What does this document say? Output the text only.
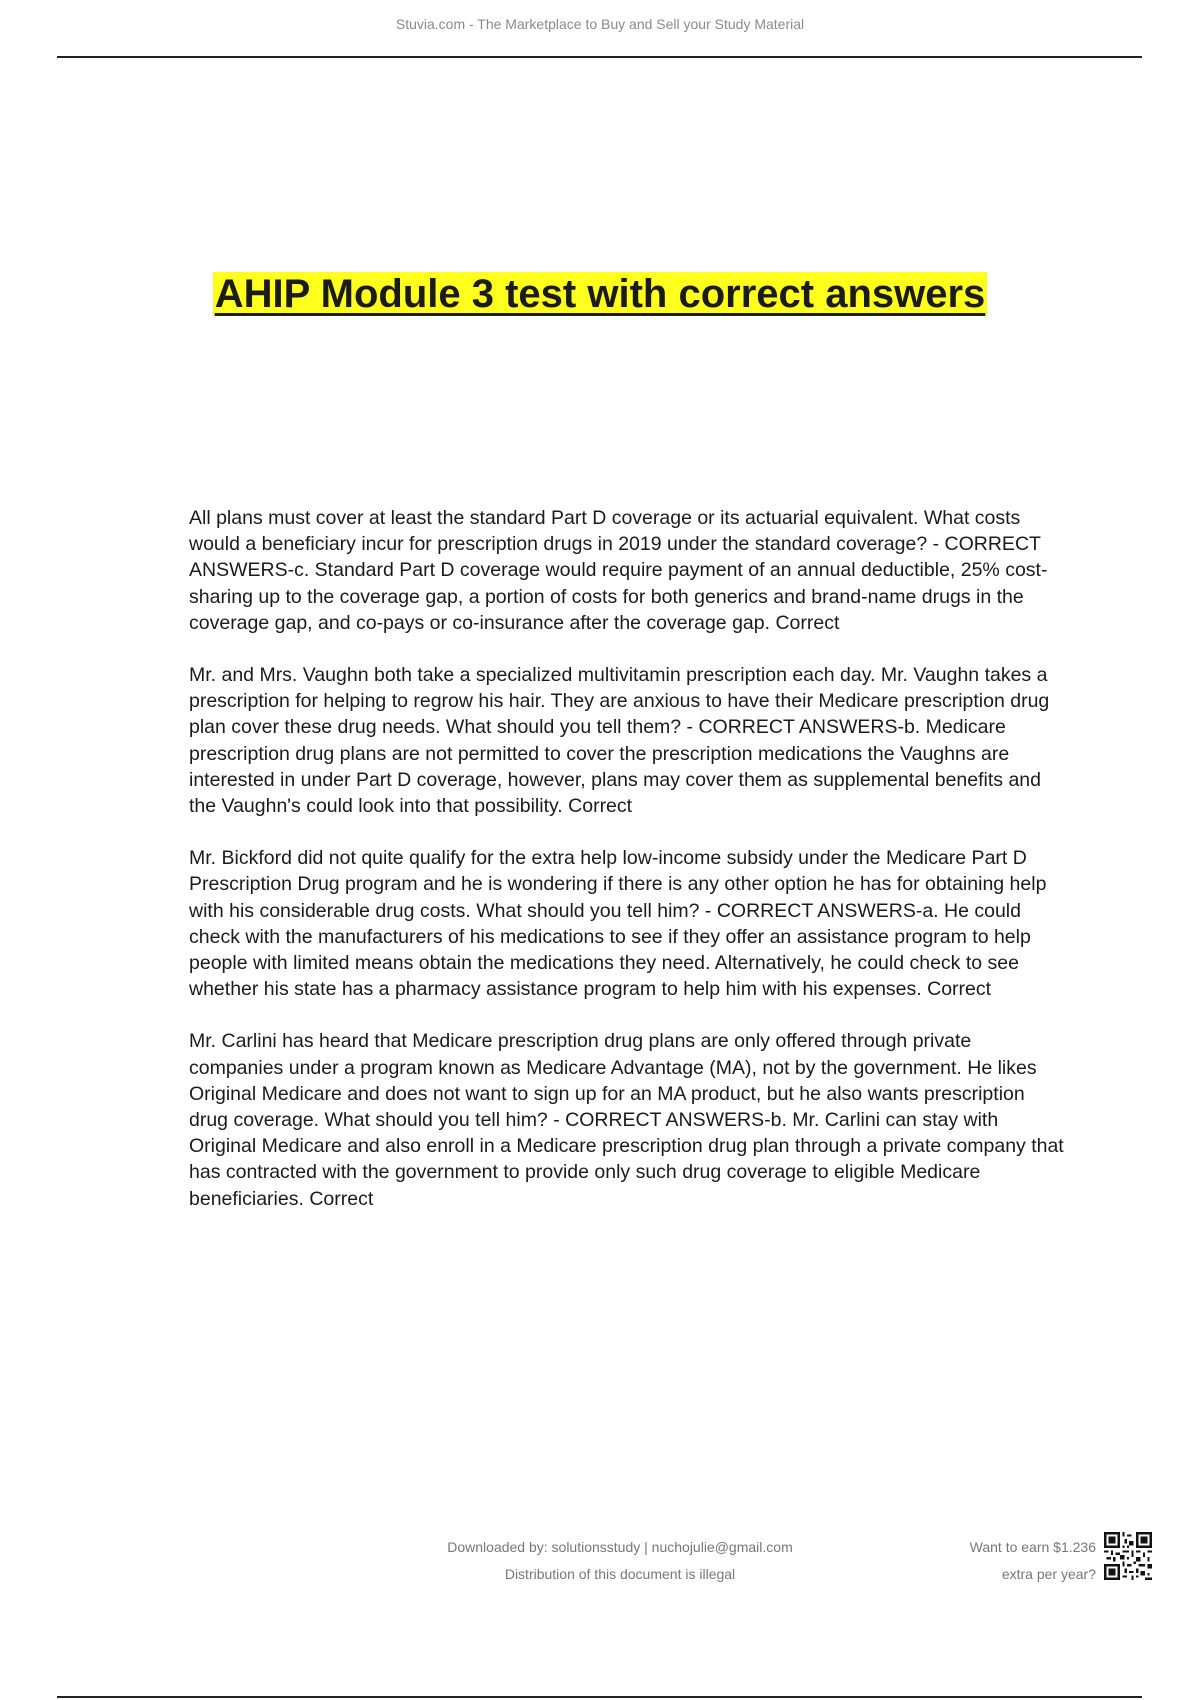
Stuvia.com - The Marketplace to Buy and Sell your Study Material
AHIP Module 3 test with correct answers

All plans must cover at least the standard Part D coverage or its actuarial equivalent. What costs would a beneficiary incur for prescription drugs in 2019 under the standard coverage? - CORRECT ANSWERS-c. Standard Part D coverage would require payment of an annual deductible, 25% cost-sharing up to the coverage gap, a portion of costs for both generics and brand-name drugs in the coverage gap, and co-pays or co-insurance after the coverage gap. Correct

Mr. and Mrs. Vaughn both take a specialized multivitamin prescription each day. Mr. Vaughn takes a prescription for helping to regrow his hair. They are anxious to have their Medicare prescription drug plan cover these drug needs. What should you tell them? - CORRECT ANSWERS-b. Medicare prescription drug plans are not permitted to cover the prescription medications the Vaughns are interested in under Part D coverage, however, plans may cover them as supplemental benefits and the Vaughn's could look into that possibility. Correct

Mr. Bickford did not quite qualify for the extra help low-income subsidy under the Medicare Part D Prescription Drug program and he is wondering if there is any other option he has for obtaining help with his considerable drug costs. What should you tell him? - CORRECT ANSWERS-a. He could check with the manufacturers of his medications to see if they offer an assistance program to help people with limited means obtain the medications they need. Alternatively, he could check to see whether his state has a pharmacy assistance program to help him with his expenses. Correct

Mr. Carlini has heard that Medicare prescription drug plans are only offered through private companies under a program known as Medicare Advantage (MA), not by the government. He likes Original Medicare and does not want to sign up for an MA product, but he also wants prescription drug coverage. What should you tell him? - CORRECT ANSWERS-b. Mr. Carlini can stay with Original Medicare and also enroll in a Medicare prescription drug plan through a private company that has contracted with the government to provide only such drug coverage to eligible Medicare beneficiaries. Correct

Downloaded by: solutionsstudy | nuchojulie@gmail.com
Distribution of this document is illegal
Want to earn $1.236
extra per year?
